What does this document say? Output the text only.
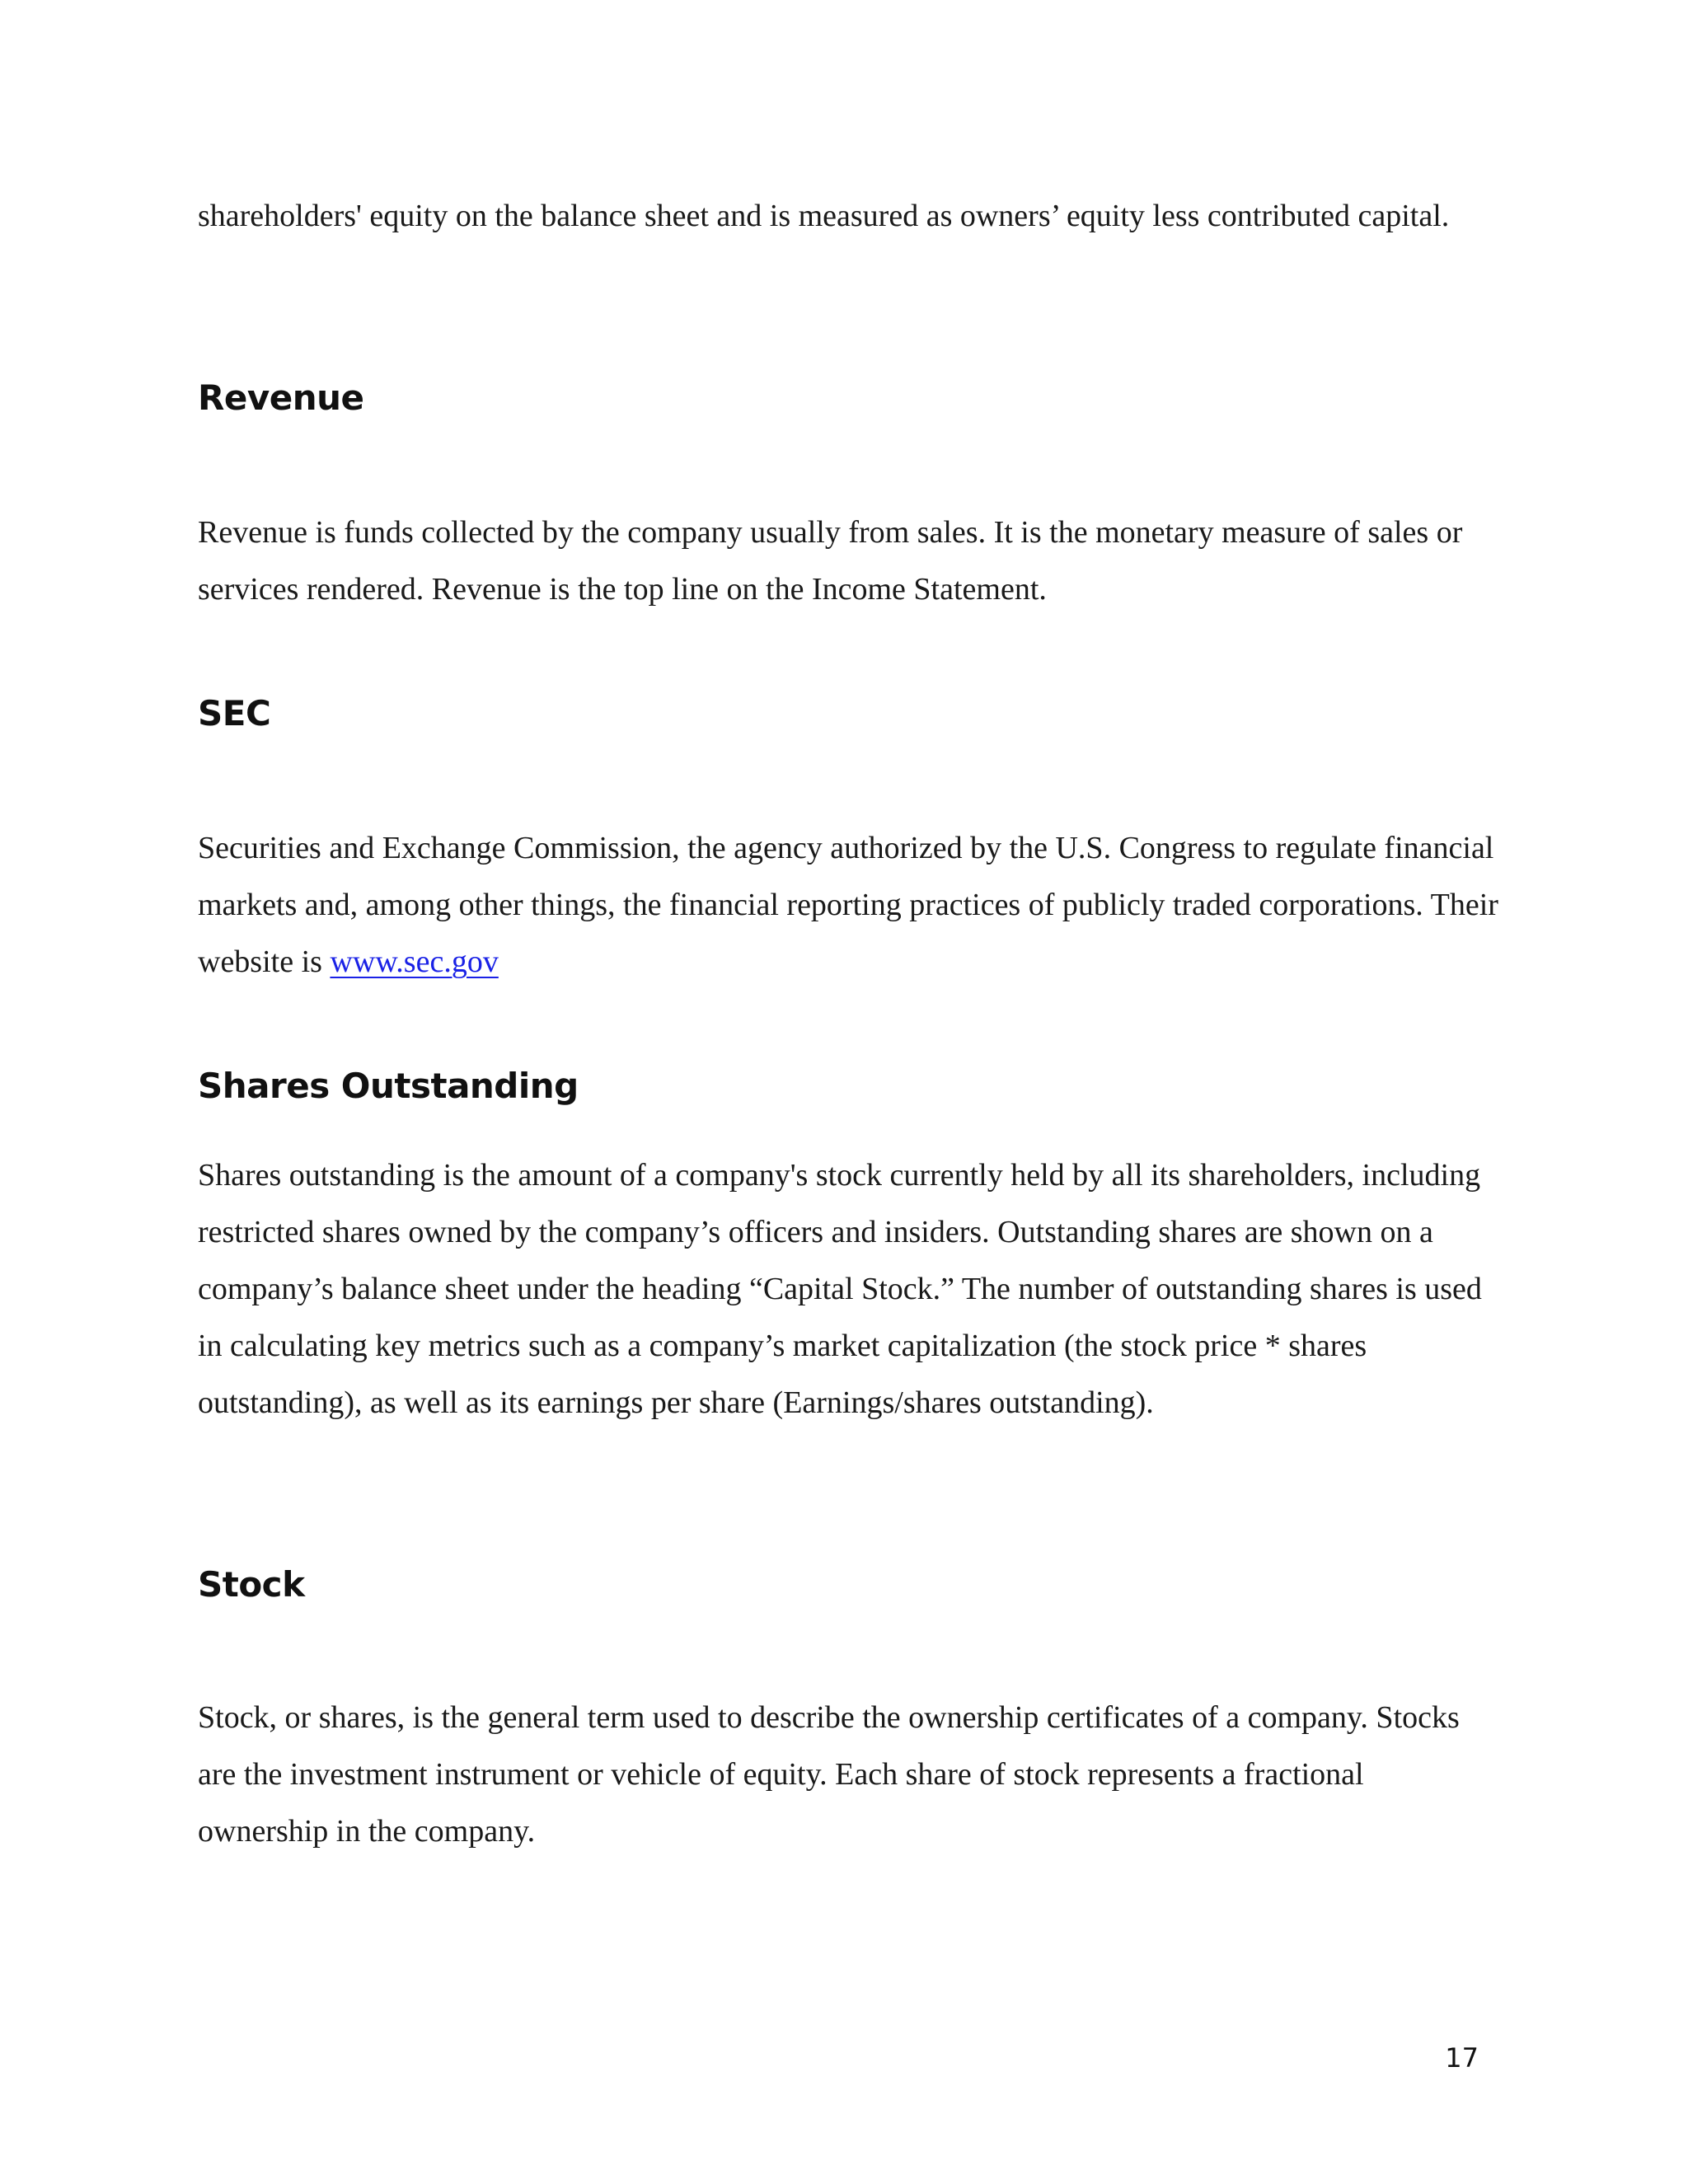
shareholders' equity on the balance sheet and is measured as owners’ equity less contributed capital.

Revenue

Revenue is funds collected by the company usually from sales. It is the monetary measure of sales or services rendered. Revenue is the top line on the Income Statement.

SEC

Securities and Exchange Commission, the agency authorized by the U.S. Congress to regulate financial markets and, among other things, the financial reporting practices of publicly traded corporations. Their website is www.sec.gov

Shares Outstanding

Shares outstanding is the amount of a company's stock currently held by all its shareholders, including restricted shares owned by the company’s officers and insiders. Outstanding shares are shown on a company’s balance sheet under the heading “Capital Stock.” The number of outstanding shares is used in calculating key metrics such as a company’s market capitalization (the stock price * shares outstanding), as well as its earnings per share (Earnings/shares outstanding).

Stock

Stock, or shares, is the general term used to describe the ownership certificates of a company. Stocks are the investment instrument or vehicle of equity. Each share of stock represents a fractional ownership in the company.

17
